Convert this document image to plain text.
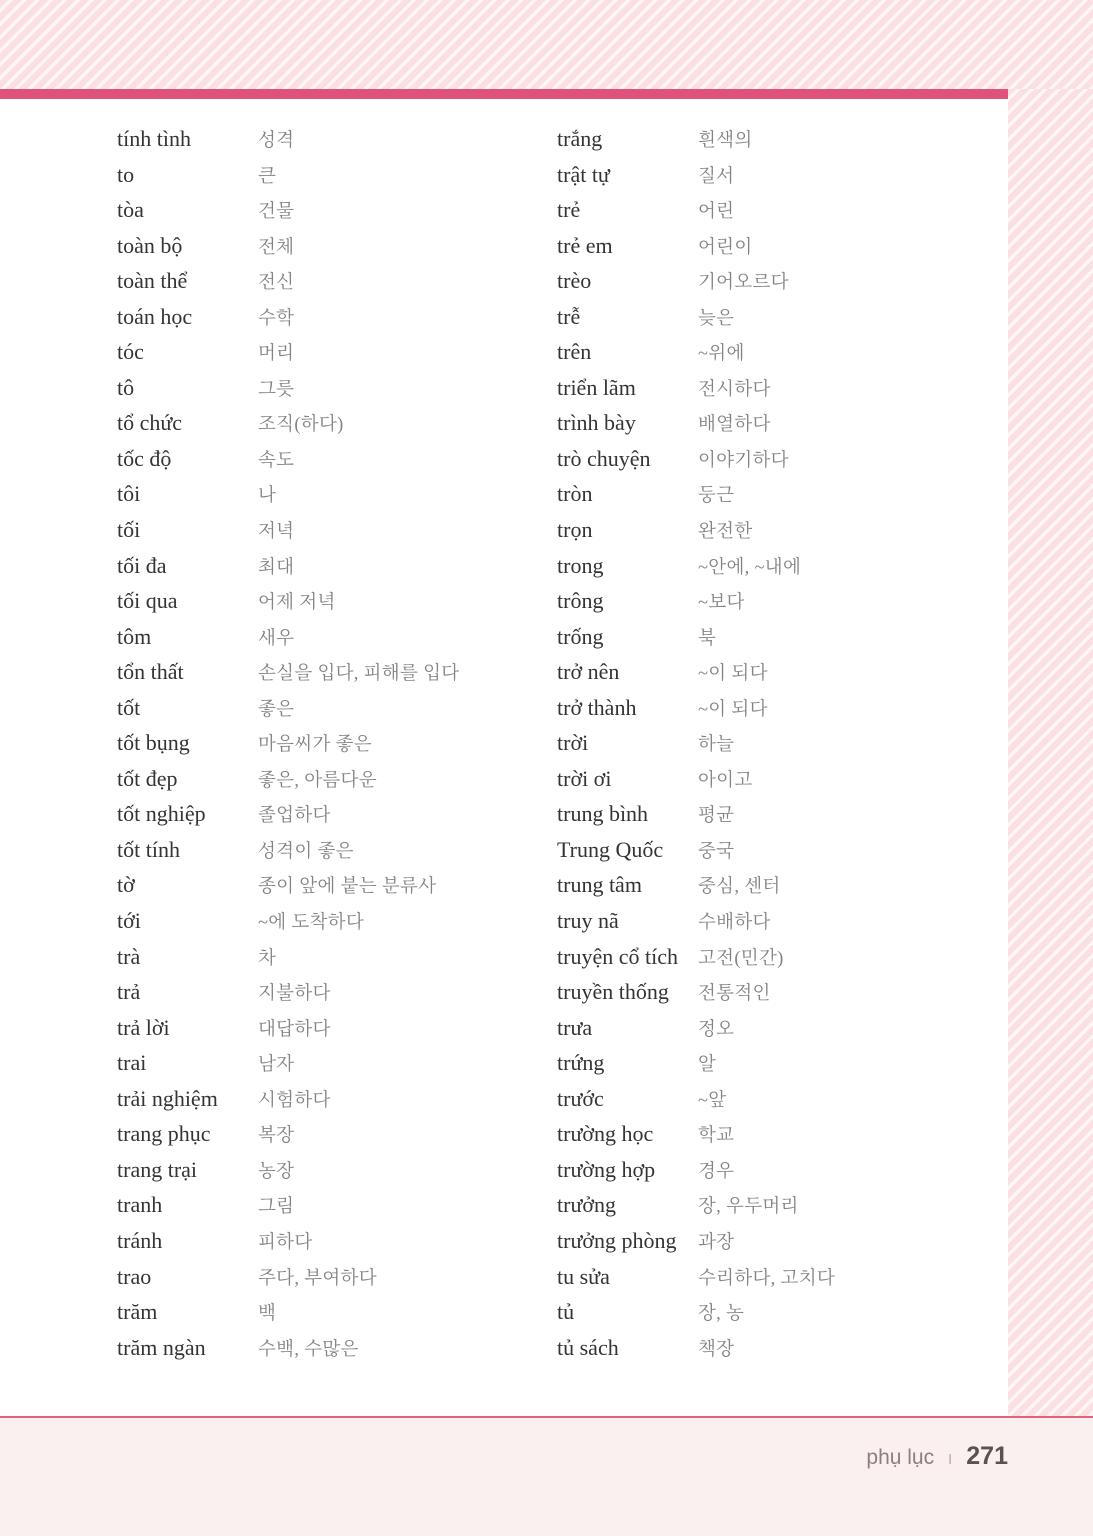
tính tình	성격
to	큰
tòa	건물
toàn bộ	전체
toàn thể	전신
toán học	수학
tóc	머리
tô	그릇
tổ chức	조직(하다)
tốc độ	속도
tôi	나
tối	저녁
tối đa	최대
tối qua	어제 저녁
tôm	새우
tổn thất	손실을 입다, 피해를 입다
tốt	좋은
tốt bụng	마음씨가 좋은
tốt đẹp	좋은, 아름다운
tốt nghiệp	졸업하다
tốt tính	성격이 좋은
tờ	종이 앞에 붙는 분류사
tới	~에 도착하다
trà	차
trả	지불하다
trả lời	대답하다
trai	남자
trải nghiệm	시험하다
trang phục	복장
trang trại	농장
tranh	그림
tránh	피하다
trao	주다, 부여하다
trăm	백
trăm ngàn	수백, 수많은
trắng	흰색의
trật tự	질서
trẻ	어린
trẻ em	어린이
trèo	기어오르다
trễ	늦은
trên	~위에
triển lãm	전시하다
trình bày	배열하다
trò chuyện	이야기하다
tròn	둥근
trọn	완전한
trong	~안에, ~내에
trông	~보다
trống	북
trở nên	~이 되다
trở thành	~이 되다
trời	하늘
trời ơi	아이고
trung bình	평균
Trung Quốc	중국
trung tâm	중심, 센터
truy nã	수배하다
truyện cổ tích	고전(민간)
truyền thống	전통적인
trưa	정오
trứng	알
trước	~앞
trường học	학교
trường hợp	경우
trưởng	장, 우두머리
trưởng phòng	과장
tu sửa	수리하다, 고치다
tủ	장, 농
tủ sách	책장
phụ lục I 271
